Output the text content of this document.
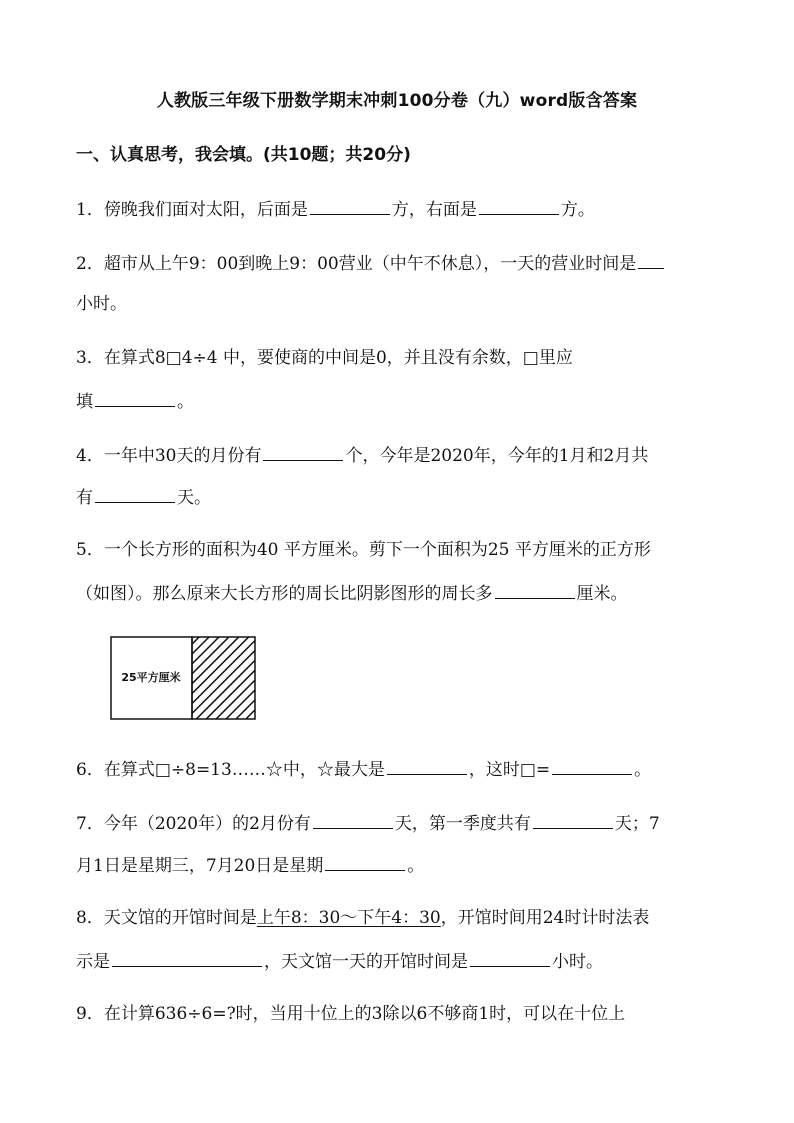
人教版三年级下册数学期末冲刺100分卷（九）word版含答案
一、认真思考，我会填。(共10题；共20分)
1．傍晚我们面对太阳，后面是	方，右面是	方。
2．超市从上午9：00到晚上9：00营业（中午不休息），一天的营业时间是
小时。
3．在算式8□4÷4 中，要使商的中间是0，并且没有余数，□里应
填	。
4．一年中30天的月份有	个，今年是2020年，今年的1月和2月共
有	天。
5．一个长方形的面积为40 平方厘米。剪下一个面积为25 平方厘米的正方形
（如图）。那么原来大长方形的周长比阴影图形的周长多	厘米。
25平方厘米
6．在算式□÷8=13……☆中，☆最大是	，这时□=	。
7．今年（2020年）的2月份有	天，第一季度共有	天；7
月1日是星期三，7月20日是星期	。
8．天文馆的开馆时间是上午8：30～下午4：30，开馆时间用24时计时法表
示是	，天文馆一天的开馆时间是	小时。
9．在计算636÷6=?时，当用十位上的3除以6不够商1时，可以在十位上
